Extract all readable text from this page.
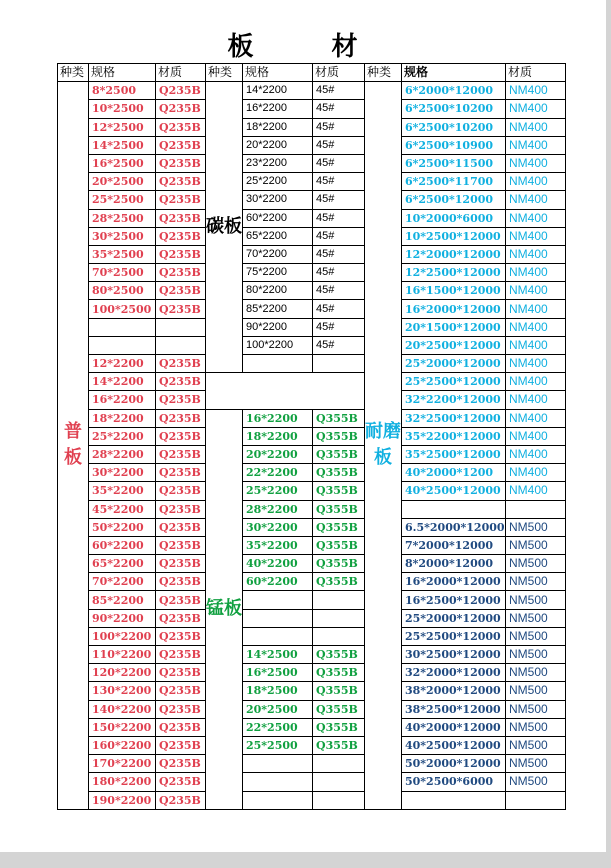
板　材
种类	规格	材质	种类	规格	材质	种类	规格	材质
普板	8*2500	Q235B	碳板	14*2200	45#	耐磨板	6*2000*12000	NM400
	10*2500	Q235B		16*2200	45#		6*2500*10200	NM400
	12*2500	Q235B		18*2200	45#		6*2500*10200	NM400
	14*2500	Q235B		20*2200	45#		6*2500*10900	NM400
	16*2500	Q235B		23*2200	45#		6*2500*11500	NM400
	20*2500	Q235B		25*2200	45#		6*2500*11700	NM400
	25*2500	Q235B		30*2200	45#		6*2500*12000	NM400
	28*2500	Q235B		60*2200	45#		10*2000*6000	NM400
	30*2500	Q235B		65*2200	45#		10*2500*12000	NM400
	35*2500	Q235B		70*2200	45#		12*2000*12000	NM400
	70*2500	Q235B		75*2200	45#		12*2500*12000	NM400
	80*2500	Q235B		80*2200	45#		16*1500*12000	NM400
	100*2500	Q235B		85*2200	45#		16*2000*12000	NM400
				90*2200	45#		20*1500*12000	NM400
				100*2200	45#		20*2500*12000	NM400
	12*2200	Q235B					25*2000*12000	NM400
	14*2200	Q235B					25*2500*12000	NM400
	16*2200	Q235B					32*2200*12000	NM400
	18*2200	Q235B	锰板	16*2200	Q355B		32*2500*12000	NM400
	25*2200	Q235B		18*2200	Q355B		35*2200*12000	NM400
	28*2200	Q235B		20*2200	Q355B		35*2500*12000	NM400
	30*2200	Q235B		22*2200	Q355B		40*2000*1200	NM400
	35*2200	Q235B		25*2200	Q355B		40*2500*12000	NM400
	45*2200	Q235B		28*2200	Q355B			
	50*2200	Q235B		30*2200	Q355B		6.5*2000*12000	NM500
	60*2200	Q235B		35*2200	Q355B		7*2000*12000	NM500
	65*2200	Q235B		40*2200	Q355B		8*2000*12000	NM500
	70*2200	Q235B		60*2200	Q355B		16*2000*12000	NM500
	85*2200	Q235B					16*2500*12000	NM500
	90*2200	Q235B					25*2000*12000	NM500
	100*2200	Q235B					25*2500*12000	NM500
	110*2200	Q235B		14*2500	Q355B		30*2500*12000	NM500
	120*2200	Q235B		16*2500	Q355B		32*2000*12000	NM500
	130*2200	Q235B		18*2500	Q355B		38*2000*12000	NM500
	140*2200	Q235B		20*2500	Q355B		38*2500*12000	NM500
	150*2200	Q235B		22*2500	Q355B		40*2000*12000	NM500
	160*2200	Q235B		25*2500	Q355B		40*2500*12000	NM500
	170*2200	Q235B					50*2000*12000	NM500
	180*2200	Q235B					50*2500*6000	NM500
	190*2200	Q235B						
